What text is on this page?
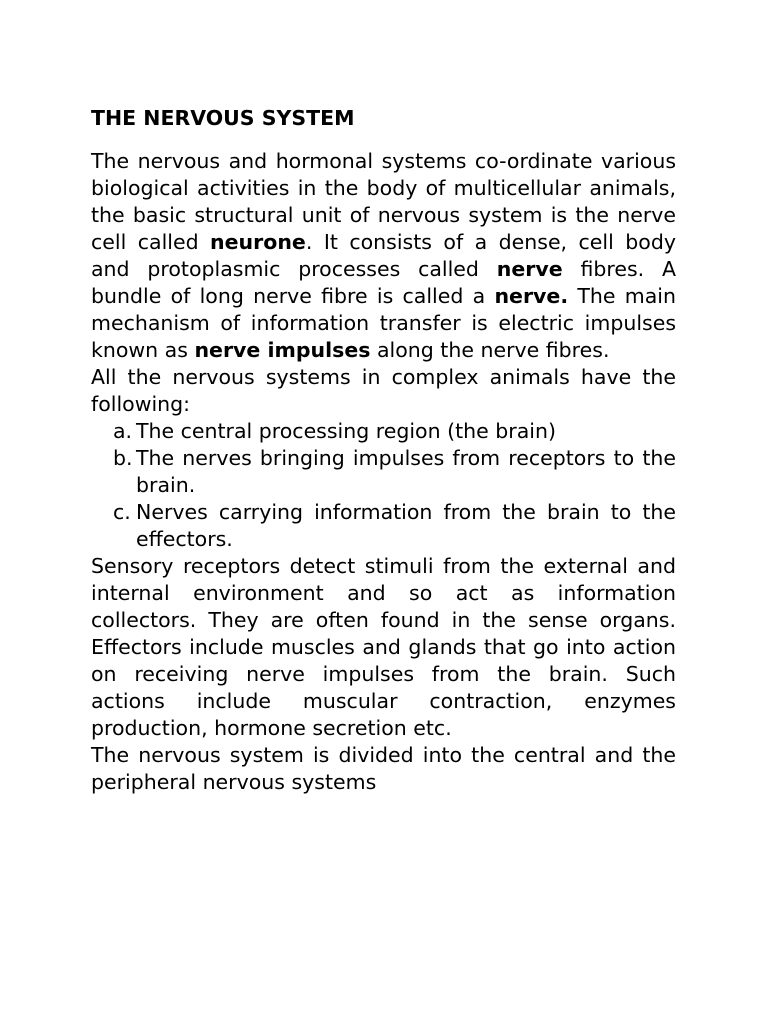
THE NERVOUS SYSTEM

The nervous and hormonal systems co-ordinate various biological activities in the body of multicellular animals, the basic structural unit of nervous system is the nerve cell called neurone. It consists of a dense, cell body and protoplasmic processes called nerve fibres. A bundle of long nerve fibre is called a nerve. The main mechanism of information transfer is electric impulses known as nerve impulses along the nerve fibres.

All the nervous systems in complex animals have the following:

a. The central processing region (the brain)
b. The nerves bringing impulses from receptors to the brain.
c. Nerves carrying information from the brain to the effectors.

Sensory receptors detect stimuli from the external and internal environment and so act as information collectors. They are often found in the sense organs. Effectors include muscles and glands that go into action on receiving nerve impulses from the brain. Such actions include muscular contraction, enzymes production, hormone secretion etc.

The nervous system is divided into the central and the peripheral nervous systems
